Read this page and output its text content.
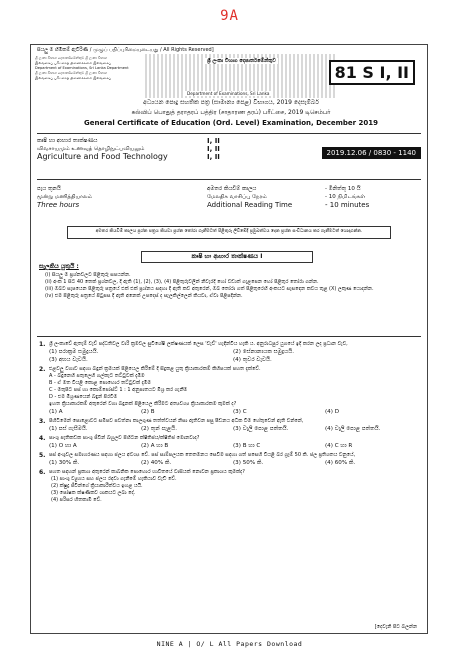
9A
සියලු ම හිමිකම් ඇවිරිණි / முழுப் பதிப்புரிமையுடையது / All Rights Reserved]
ශ්‍රී ලංකා විභාග දෙපාර්තමේන්තුව ශ්‍රී ලංකා විභාග
இலங்கைப் பரீட்சைத் திணைக்களம் இலங்கைப்
Department of Examinations, Sri Lanka Department
ශ්‍රී ලංකා විභාග දෙපාර්තමේන්තුව ශ්‍රී ලංකා විභාග
இலங்கைப் பரீட்சைத் திணைக்களம் இலங்கைப்
ශ්‍රී ලංකා විභාග දෙපාර්තමේන්තුව
Department of Examinations, Sri Lanka
81 S I, II
අධ්‍යයන පොදු සහතික පත්‍ර (සාමාන්‍ය පෙළ) විභාගය, 2019 දෙසැම්බර්
கல்விப் பொதுத் தராதரப் பத்திர (சாதாரண தரப்) பரீட்சை, 2019 டிசெம்பர்
General Certificate of Education (Ord. Level) Examination, December 2019
කෘෂි හා ආහාර තාක්ෂණය
விவசாயமும் உணவுத் தொழிநுட்பவியலும்
Agriculture and Food Technology
I, II
I, II
I, II	2019.12.06 / 0830 - 1140
පැය තුනයි
மூன்று மணித்தியாலம்
Three hours
අමතර කියවීම් කාලය	- මිනිත්තු 10 යි
மேலதிக வாசிப்பு நேரம்	- 10 நிமிடங்கள்
Additional Reading Time	- 10 minutes
අමතර කියවීම් කාලය ප්‍රශ්න පත්‍රය කියවා ප්‍රශ්න තෝරා ගැනීමටත් පිළිතුරු ලිවීමේදී ප්‍රමුඛත්වය දෙන ප්‍රශ්න සංවිධානය කර ගැනීමටත් යොදාගන්න.
කෘෂි හා ආහාර තාක්ෂණය I
සැලකිය යුතුයි :
(i) සියලු ම ප්‍රශ්නවලට පිළිතුරු සපයන්න.
(ii) අංක 1 සිට 40 තෙක් ප්‍රශ්නවල, දී ඇති (1), (2), (3), (4) පිළිතුරුවලින් නිවැරදි හෝ වඩාත් ගැළපෙන හෝ පිළිතුර තෝරා ගන්න.
(iii) ඔබට සැපයෙන පිළිතුරු පත්‍රයේ එක් එක් ප්‍රශ්නය සඳහා දී ඇති කව අතුරෙන්, ඔබ තෝරා ගත් පිළිතුරෙහි අංකයට සැසඳෙන කවය තුළ (X) ලකුණ යොදන්න.
(iv) එම පිළිතුරු පත්‍රයේ පිටුපස දී ඇති අනෙක් උපදෙස් ද සැලකිල්ලෙන් කියවා, ඒවා පිළිපදින්න.
1. ශ්‍රී ලංකාවේ ඇතැම් වැව් පද්ධතිවල වාරි ක්‍රමවල සුවිශේෂී ලක්ෂණයක් ලෙස 'වැව්' හැඳින්විය හැකි ය. අනුරාධපුර යුගයේ ඉදි කරන ලද ප්‍රධාන වැව,
(1) පරාක්‍රම සමුද්‍රයයි.	(2) සේනානායක සමුද්‍රයයි.
(3) අභය වැවයි.	(4) තුවර වැවයි.
2. එළවලු වගාව සඳහා බඳුන් ක්‍රමයක් පිළියෙල කිරීමේ දී සිදුකළ යුතු ක්‍රියාකාරකම් කිහිපයක් පහත දැක්වේ.
A - බඳුනෙහි පතුලෙහි ගල්කැට තට්ටුවක් දැමීම
B - ඒ මත වියළි කොළ පොහොර තට්ටුවක් දැමීම
C - මතුපිට පස් හා කොම්පෝස්ට් 1 : 1 අනුපාතයට මිශ්‍ර කර ගැනීම
D - එම මිශ්‍රණයෙන් බඳුන් පිරවීම
ඉහත ක්‍රියාකාරකම් අතුරෙන් වගා බඳුනක් පිළියෙල කිරීමට අත්‍යවශ්‍ය ක්‍රියාකාරකම කුමක් ද?
(1) A	(2) B	(3) C	(4) D
3. පිහිටීමෙන් පොළොවට සමීපව පවත්නා කාලගුණ තත්ත්වයන් නිසා ඇතිවන පසු පීඩනය අධික වීම හේතුවෙන් ඇති වන්නේ,
(1) පස් ගැසීමයි.	(2) තුන් පැළයි.	(3) වැලි පොළ පත්තයි.	(4) වැලි පොළ පත්තයි.
4. පාංශු පැතිකඩක පාංශු ජීවීන් බහුලව පිහිටන ක්ෂිතිජය/ක්ෂිතිජ මොනවාද?
(1) O හා A	(2) A හා B	(3) B හා C	(4) C හා R
5. පස් අංශුවල සමාහරණය සඳහා ජලය අවශ්‍ය වේ. පස් සාම්පලයක තෙතමනය සෙවීම සඳහා ගත් පසෙහි වියළි බර ග්‍රෑම් 50 කි. ජල ප්‍රතිශතය වනුයේ,
(1) 30% කි.	(2) 40% කි.	(3) 50% කි.	(4) 60% කි.
6. පහත සඳහන් ප්‍රකාශ අතුරෙන් කාබනික පොහොර භාවිතයේ වාසියක් නොවන ප්‍රකාශය කුමක්ද?
(1) පාංශු ව්‍යුහය සහ ජලය රඳවා ගැනීමේ හැකියාව වැඩි වේ.
(2) ක්ෂුද්‍ර ජීවීන්ගේ ක්‍රියාකාරීත්වය ඉහළ යයි.
(3) පෝෂක ක්ෂණිකව ශාකයට ලබා දේ.
(4) පරිසර හිතකාමී වේ.
[දෙවැනි පිට බලන්න
NINE A | O/ L All Papers Download
